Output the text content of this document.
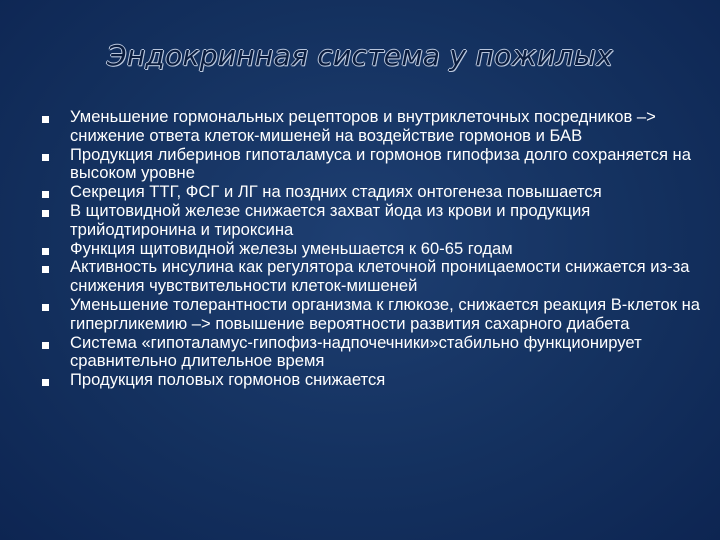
Эндокринная система у пожилых
Уменьшение гормональных рецепторов и внутриклеточных посредников –> снижение ответа клеток-мишеней на воздействие гормонов и БАВ
Продукция либеринов гипоталамуса и гормонов гипофиза долго сохраняется на высоком уровне
Секреция ТТГ, ФСГ и ЛГ на поздних стадиях онтогенеза повышается
В щитовидной железе снижается захват йода из крови и продукция трийодтиронина и тироксина
Функция щитовидной железы уменьшается к 60-65 годам
Активность инсулина как регулятора клеточной проницаемости снижается из-за снижения чувствительности клеток-мишеней
Уменьшение толерантности организма к глюкозе, снижается реакция В-клеток на гипергликемию –> повышение вероятности развития сахарного диабета
Система «гипоталамус-гипофиз-надпочечники»стабильно функционирует сравнительно длительное время
Продукция половых гормонов снижается
